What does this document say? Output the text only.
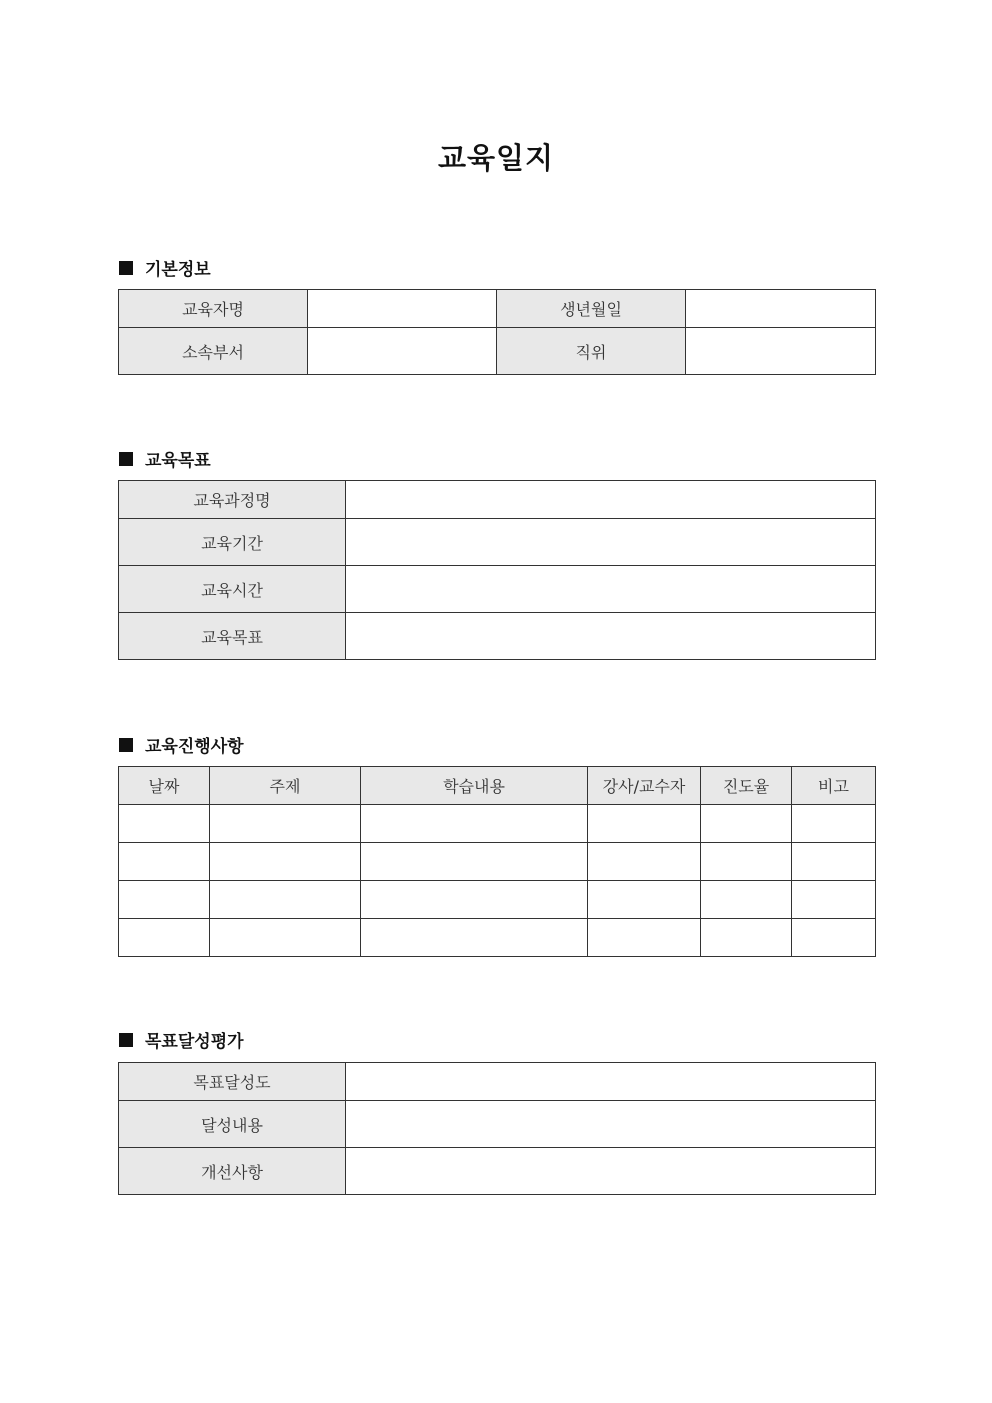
교육일지
기본정보
교육자명		생년월일	
소속부서		직위	
교육목표
교육과정명	
교육기간	
교육시간	
교육목표	
교육진행사항
날짜	주제	학습내용	강사/교수자	진도율	비고

목표달성평가
목표달성도	
달성내용	
개선사항	
